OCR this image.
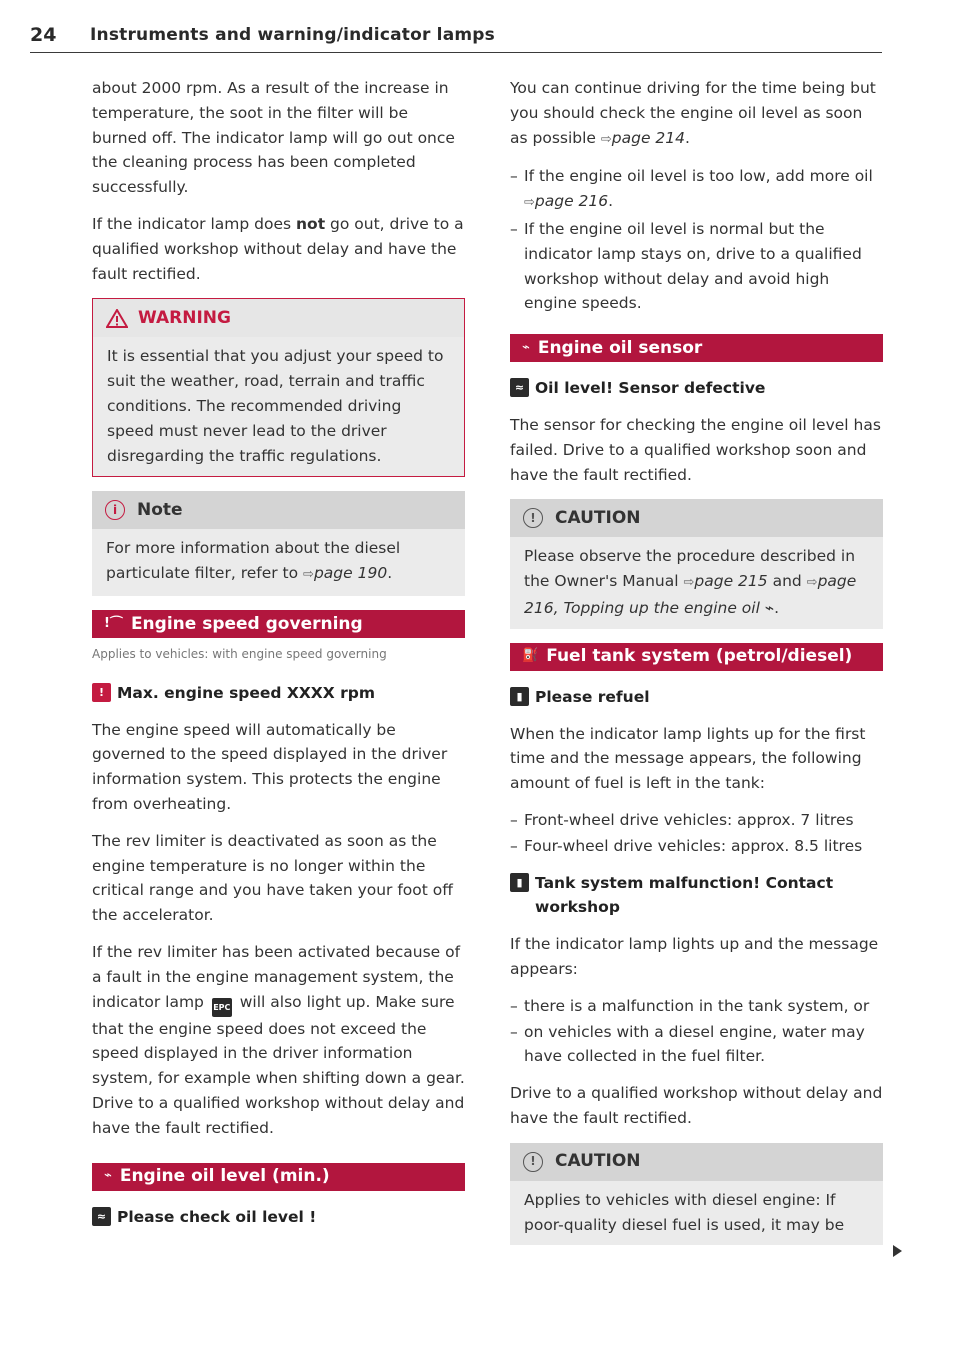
24 Instruments and warning/indicator lamps

about 2000 rpm. As a result of the increase in temperature, the soot in the filter will be burned off. The indicator lamp will go out once the cleaning process has been completed successfully.

If the indicator lamp does not go out, drive to a qualified workshop without delay and have the fault rectified.

WARNING

It is essential that you adjust your speed to suit the weather, road, terrain and traffic conditions. The recommended driving speed must never lead to the driver disregarding the traffic regulations.

i	Note

For more information about the diesel particulate filter, refer to ⇨page 190.

!⌒ Engine speed governing
Applies to vehicles: with engine speed governing
! Max. engine speed XXXX rpm

The engine speed will automatically be governed to the speed displayed in the driver information system. This protects the engine from overheating.

The rev limiter is deactivated as soon as the engine temperature is no longer within the critical range and you have taken your foot off the accelerator.

If the rev limiter has been activated because of a fault in the engine management system, the indicator lamp EPC will also light up. Make sure that the engine speed does not exceed the speed displayed in the driver information system, for example when shifting down a gear. Drive to a qualified workshop without delay and have the fault rectified.

⌁ Engine oil level (min.)
≈ Please check oil level !

You can continue driving for the time being but you should check the engine oil level as soon as possible ⇨page 214.

– If the engine oil level is too low, add more oil ⇨page 216.
– If the engine oil level is normal but the indicator lamp stays on, drive to a qualified workshop without delay and avoid high engine speeds.
⌁ Engine oil sensor
≈ Oil level! Sensor defective

The sensor for checking the engine oil level has failed. Drive to a qualified workshop soon and have the fault rectified.

!	CAUTION

Please observe the procedure described in the Owner's Manual ⇨page 215 and ⇨page 216, Topping up the engine oil ⌁.

⛽ Fuel tank system (petrol/diesel)
▮ Please refuel

When the indicator lamp lights up for the first time and the message appears, the following amount of fuel is left in the tank:

– Front-wheel drive vehicles: approx. 7 litres
– Four-wheel drive vehicles: approx. 8.5 litres
▮ Tank system malfunction! Contact workshop

If the indicator lamp lights up and the message appears:

– there is a malfunction in the tank system, or
– on vehicles with a diesel engine, water may have collected in the fuel filter.

Drive to a qualified workshop without delay and have the fault rectified.

!	CAUTION

Applies to vehicles with diesel engine: If poor-quality diesel fuel is used, it may be
